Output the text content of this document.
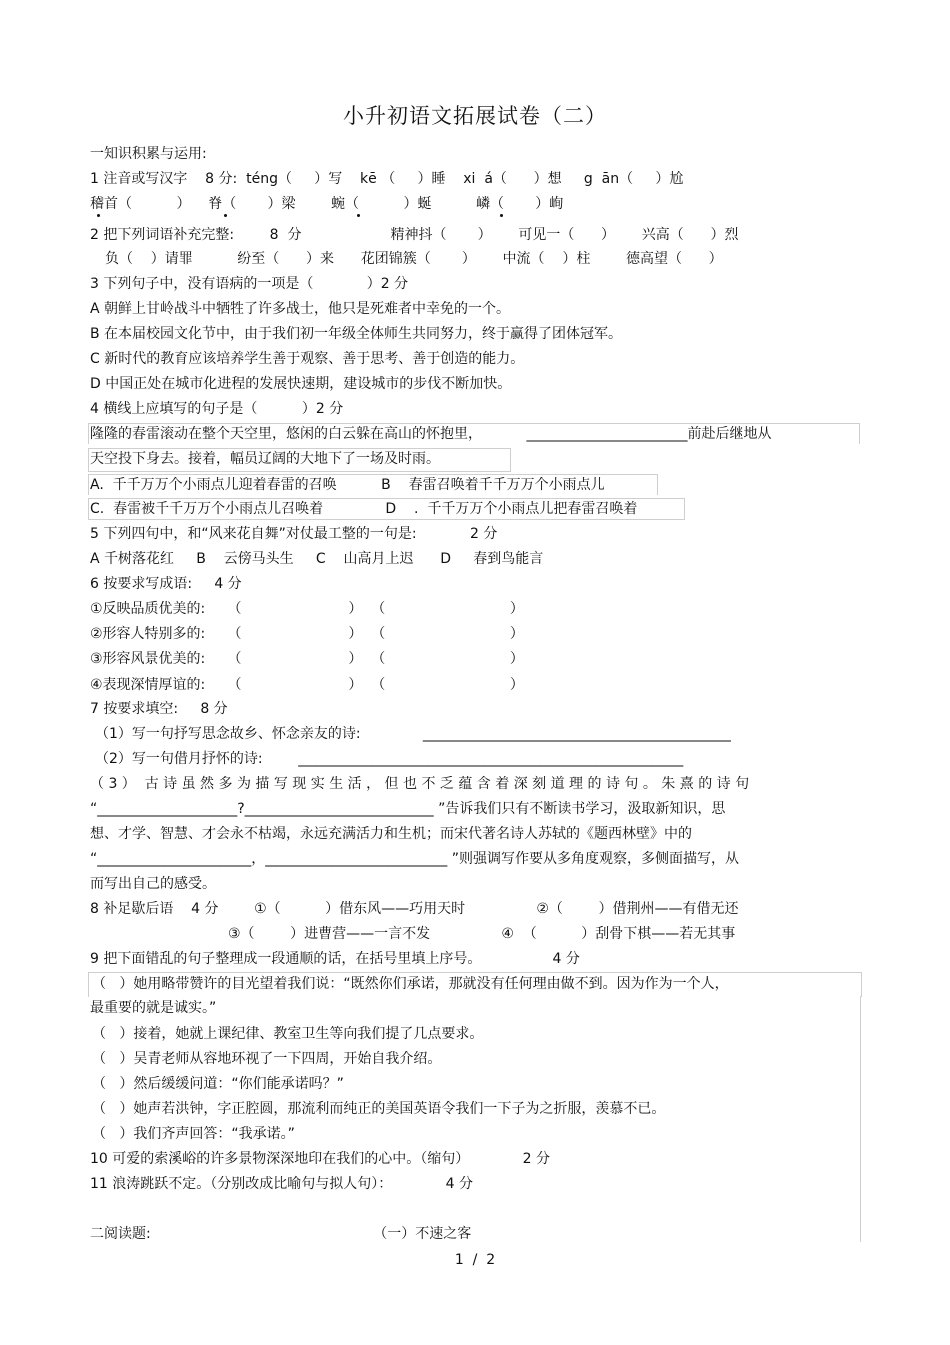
小升初语文拓展试卷（二）
一知识积累与运用:
1 注音或写汉字    8 分:  téng（     ）写    kē （     ）睡    xi  á（      ）想     g  ān（     ）尬
稽首（          ）    脊（       ）梁        蜿（          ）蜒          嶙（       ）峋
2 把下列词语补充完整:        8  分                    精神抖（       ）      可见一（      ）      兴高（      ）烈
负（    ）请罪          纷至（      ）来      花团锦簇（       ）      中流（    ）柱        德高望（      ）
3 下列句子中，没有语病的一项是（            ）2 分
A 朝鲜上甘岭战斗中牺牲了许多战士，他只是死难者中幸免的一个。
B 在本届校园文化节中，由于我们初一年级全体师生共同努力，终于赢得了团体冠军。
C 新时代的教育应该培养学生善于观察、善于思考、善于创造的能力。
D 中国正处在城市化进程的发展快速期，建设城市的步伐不断加快。
4 横线上应填写的句子是（          ）2 分
隆隆的春雷滚动在整个天空里，悠闲的白云躲在高山的怀抱里，          _______________________前赴后继地从
天空投下身去。接着，幅员辽阔的大地下了一场及时雨。
A.  千千万万个小雨点儿迎着春雷的召唤          B    春雷召唤着千千万万个小雨点儿
C.  春雷被千千万万个小雨点儿召唤着              D    .  千千万万个小雨点儿把春雷召唤着
5 下列四句中，和“风来花自舞”对仗最工整的一句是:            2 分
A 千树落花红     B    云傍马头生     C    山高月上迟      D     春到鸟能言
6 按要求写成语:     4 分
①反映品质优美的:     （                        ）  （                            ）
②形容人特别多的:     （                        ）  （                            ）
③形容风景优美的:     （                        ）  （                            ）
④表现深情厚谊的:     （                        ）  （                            ）
7 按要求填空:     8 分
（1）写一句抒写思念故乡、怀念亲友的诗:              ____________________________________________
（2）写一句借月抒怀的诗:        _______________________________________________________
（ 3 ）  古 诗 虽 然 多 为 描 写 现 实 生 活 ， 但 也 不 乏 蕴 含 着 深 刻 道 理 的 诗 句 。 朱 熹 的 诗 句
“____________________?___________________________ ”告诉我们只有不断读书学习，汲取新知识，思
想、才学、智慧、才会永不枯竭，永远充满活力和生机；而宋代著名诗人苏轼的《题西林壁》中的
“______________________，__________________________ ”则强调写作要从多角度观察，多侧面描写，从
而写出自己的感受。
8 补足歇后语    4 分        ①（          ）借东风——巧用天时                ②（        ）借荆州——有借无还
③（        ）进曹营——一言不发                ④  （          ）刮骨下棋——若无其事
9 把下面错乱的句子整理成一段通顺的话，在括号里填上序号。                4 分
（   ）她用略带赞许的目光望着我们说：“既然你们承诺，那就没有任何理由做不到。因为作为一个人，
最重要的就是诚实。”
（   ）接着，她就上课纪律、教室卫生等向我们提了几点要求。
（   ）吴青老师从容地环视了一下四周，开始自我介绍。
（   ）然后缓缓问道：“你们能承诺吗？”
（   ）她声若洪钟，字正腔圆，那流利而纯正的美国英语令我们一下子为之折服，羡慕不已。
（   ）我们齐声回答：“我承诺。”
10 可爱的索溪峪的许多景物深深地印在我们的心中。（缩句）            2 分
11 浪涛跳跃不定。（分别改成比喻句与拟人句）：            4 分
二阅读题:                                                  （一）不速之客
1  /  2
